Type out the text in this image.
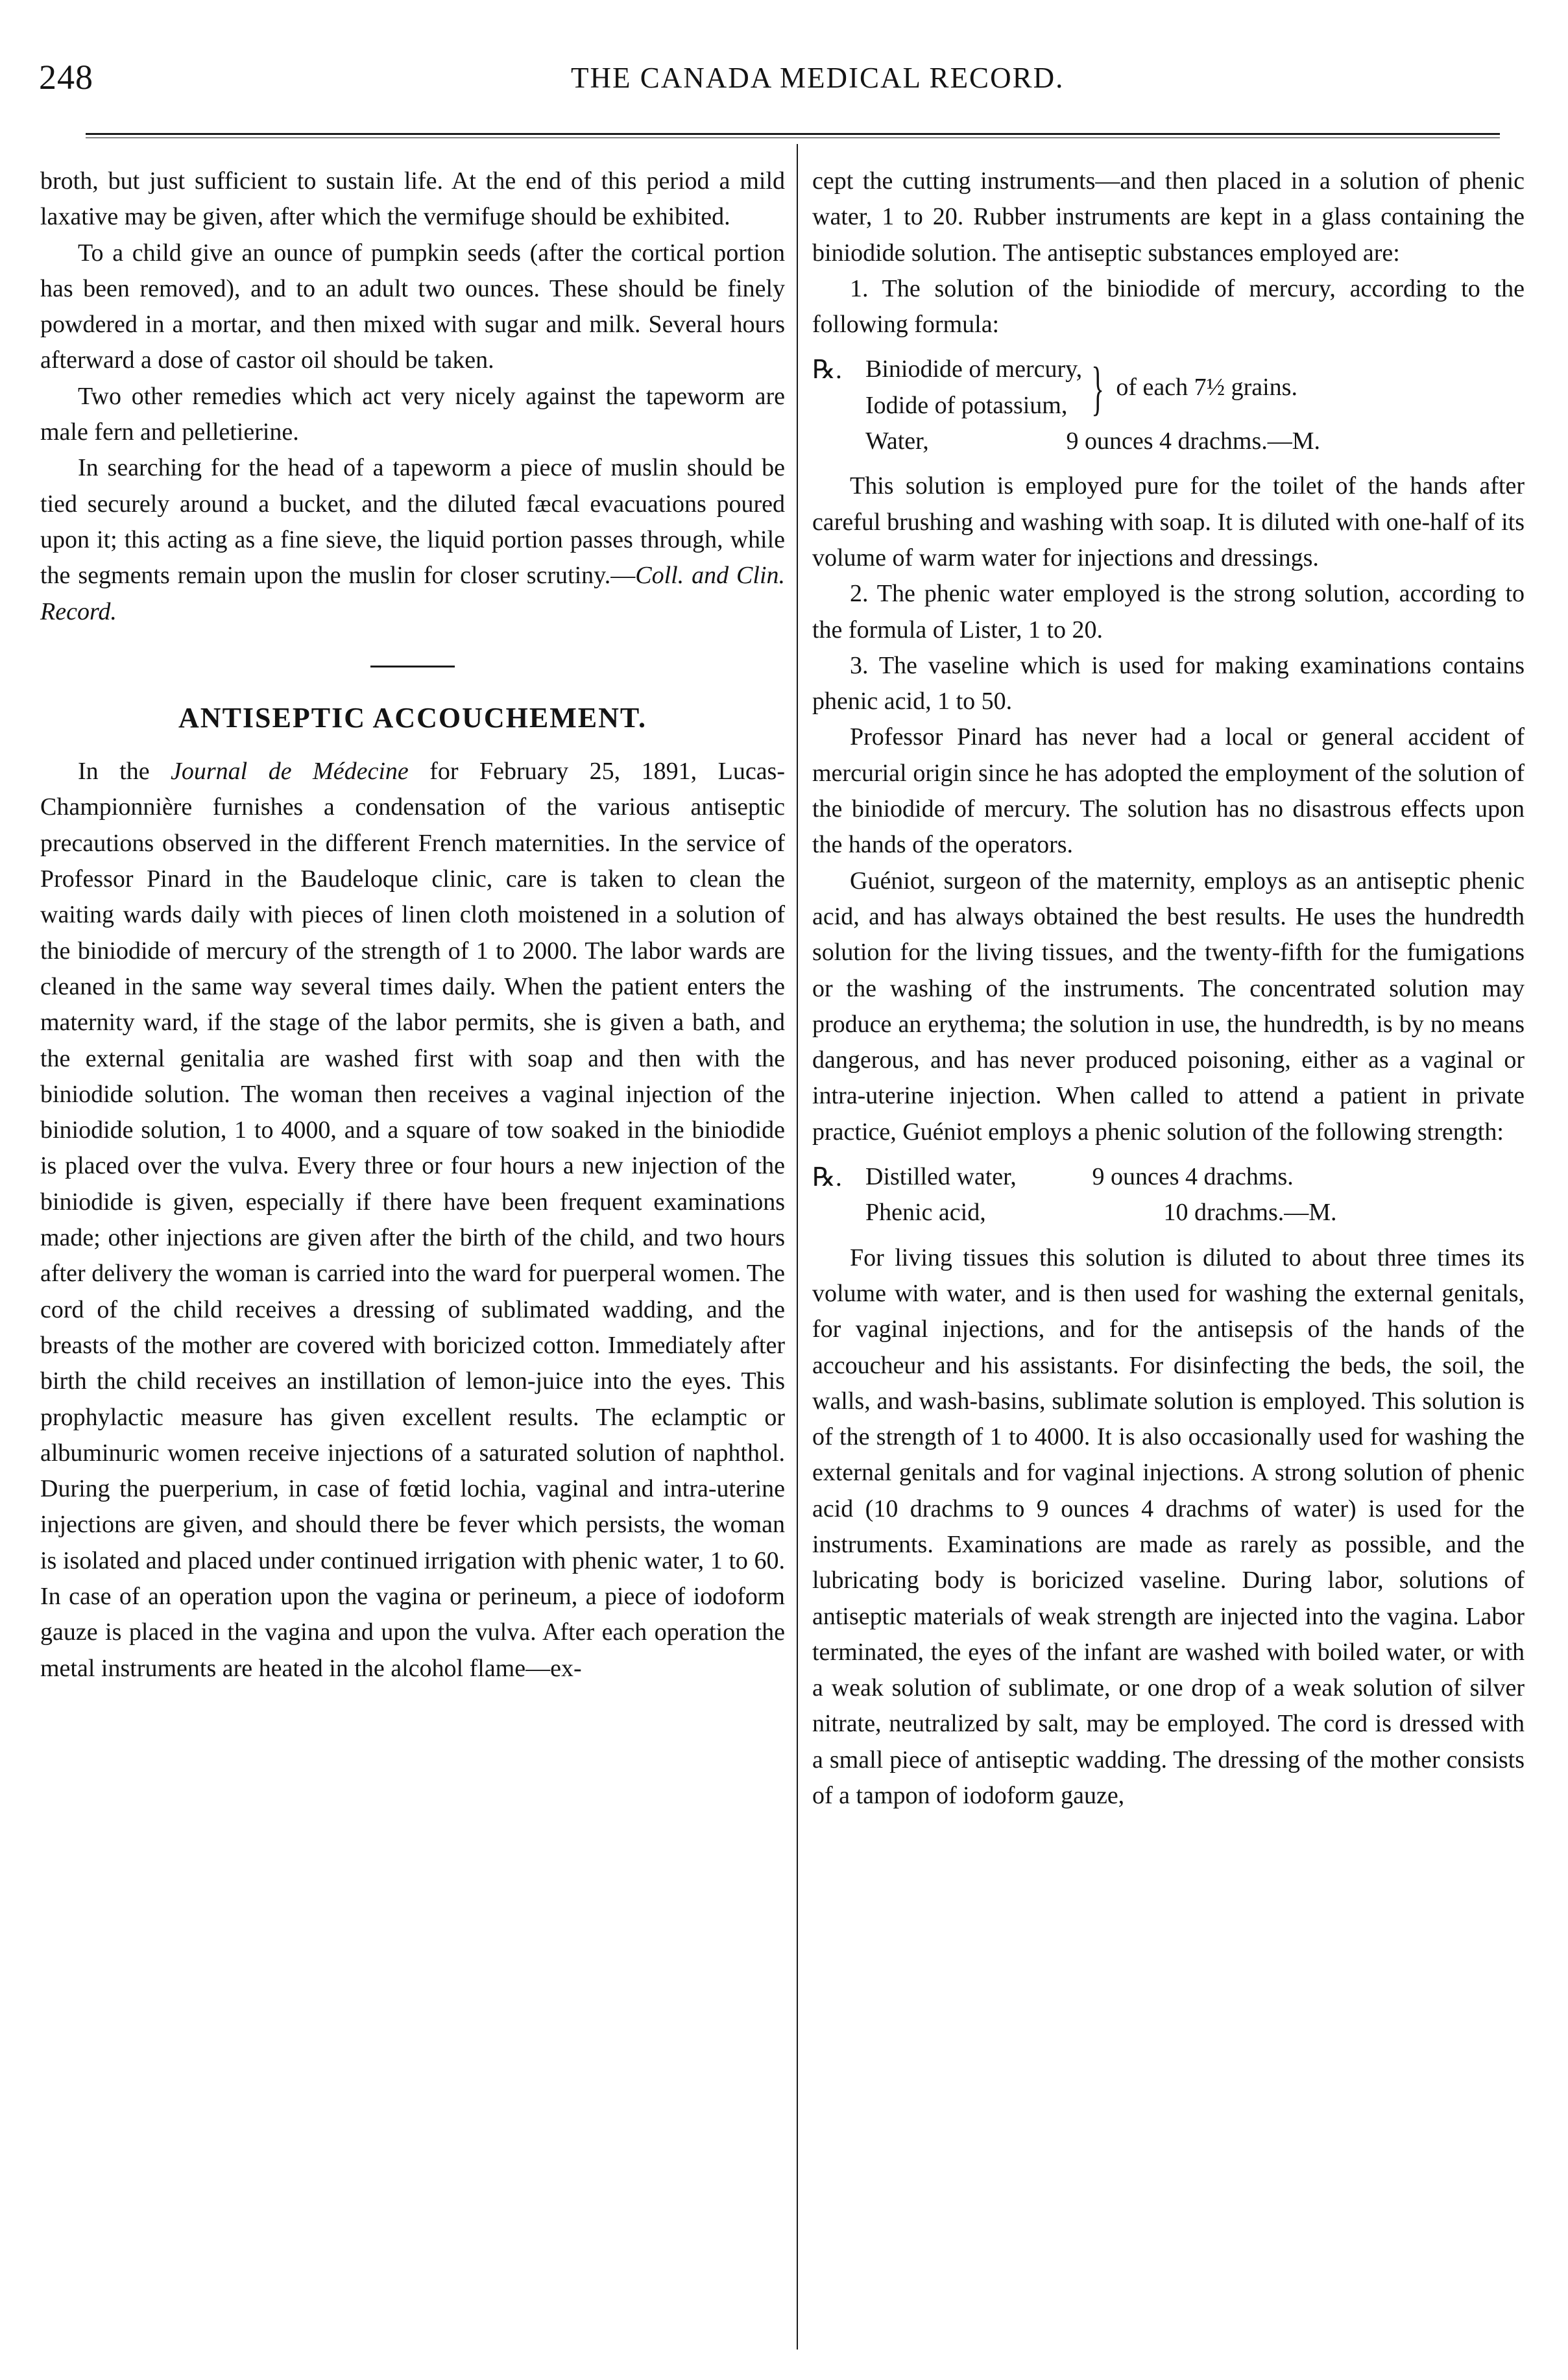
248	THE CANADA MEDICAL RECORD.

broth, but just sufficient to sustain life. At the end of this period a mild laxative may be given, after which the vermifuge should be exhibited.

To a child give an ounce of pumpkin seeds (after the cortical portion has been removed), and to an adult two ounces. These should be finely powdered in a mortar, and then mixed with sugar and milk. Several hours afterward a dose of castor oil should be taken.

Two other remedies which act very nicely against the tapeworm are male fern and pelletierine.

In searching for the head of a tapeworm a piece of muslin should be tied securely around a bucket, and the diluted fæcal evacuations poured upon it; this acting as a fine sieve, the liquid portion passes through, while the segments remain upon the muslin for closer scrutiny.—Coll. and Clin. Record.

ANTISEPTIC ACCOUCHEMENT.

In the Journal de Médecine for February 25, 1891, Lucas-Championnière furnishes a condensation of the various antiseptic precautions observed in the different French maternities. In the service of Professor Pinard in the Baudeloque clinic, care is taken to clean the waiting wards daily with pieces of linen cloth moistened in a solution of the biniodide of mercury of the strength of 1 to 2000. The labor wards are cleaned in the same way several times daily. When the patient enters the maternity ward, if the stage of the labor permits, she is given a bath, and the external genitalia are washed first with soap and then with the biniodide solution. The woman then receives a vaginal injection of the biniodide solution, 1 to 4000, and a square of tow soaked in the biniodide is placed over the vulva. Every three or four hours a new injection of the biniodide is given, especially if there have been frequent examinations made; other injections are given after the birth of the child, and two hours after delivery the woman is carried into the ward for puerperal women. The cord of the child receives a dressing of sublimated wadding, and the breasts of the mother are covered with boricized cotton. Immediately after birth the child receives an instillation of lemon-juice into the eyes. This prophylactic measure has given excellent results. The eclamptic or albuminuric women receive injections of a saturated solution of naphthol. During the puerperium, in case of fœtid lochia, vaginal and intra-uterine injections are given, and should there be fever which persists, the woman is isolated and placed under continued irrigation with phenic water, 1 to 60. In case of an operation upon the vagina or perineum, a piece of iodoform gauze is placed in the vagina and upon the vulva. After each operation the metal instruments are heated in the alcohol flame—ex-

cept the cutting instruments—and then placed in a solution of phenic water, 1 to 20. Rubber instruments are kept in a glass containing the biniodide solution. The antiseptic substances employed are:

1. The solution of the biniodide of mercury, according to the following formula:

℞. Biniodide of mercury,
Iodide of potassium, } of each 7½ grains.
Water,	9 ounces 4 drachms.—M.

This solution is employed pure for the toilet of the hands after careful brushing and washing with soap. It is diluted with one-half of its volume of warm water for injections and dressings.

2. The phenic water employed is the strong solution, according to the formula of Lister, 1 to 20.

3. The vaseline which is used for making examinations contains phenic acid, 1 to 50.

Professor Pinard has never had a local or general accident of mercurial origin since he has adopted the employment of the solution of the biniodide of mercury. The solution has no disastrous effects upon the hands of the operators.

Guéniot, surgeon of the maternity, employs as an antiseptic phenic acid, and has always obtained the best results. He uses the hundredth solution for the living tissues, and the twenty-fifth for the fumigations or the washing of the instruments. The concentrated solution may produce an erythema; the solution in use, the hundredth, is by no means dangerous, and has never produced poisoning, either as a vaginal or intra-uterine injection. When called to attend a patient in private practice, Guéniot employs a phenic solution of the following strength:

℞. Distilled water,	9 ounces 4 drachms.
Phenic acid,	10 drachms.—M.

For living tissues this solution is diluted to about three times its volume with water, and is then used for washing the external genitals, for vaginal injections, and for the antisepsis of the hands of the accoucheur and his assistants. For disinfecting the beds, the soil, the walls, and wash-basins, sublimate solution is employed. This solution is of the strength of 1 to 4000. It is also occasionally used for washing the external genitals and for vaginal injections. A strong solution of phenic acid (10 drachms to 9 ounces 4 drachms of water) is used for the instruments. Examinations are made as rarely as possible, and the lubricating body is boricized vaseline. During labor, solutions of antiseptic materials of weak strength are injected into the vagina. Labor terminated, the eyes of the infant are washed with boiled water, or with a weak solution of sublimate, or one drop of a weak solution of silver nitrate, neutralized by salt, may be employed. The cord is dressed with a small piece of antiseptic wadding. The dressing of the mother consists of a tampon of iodoform gauze,
